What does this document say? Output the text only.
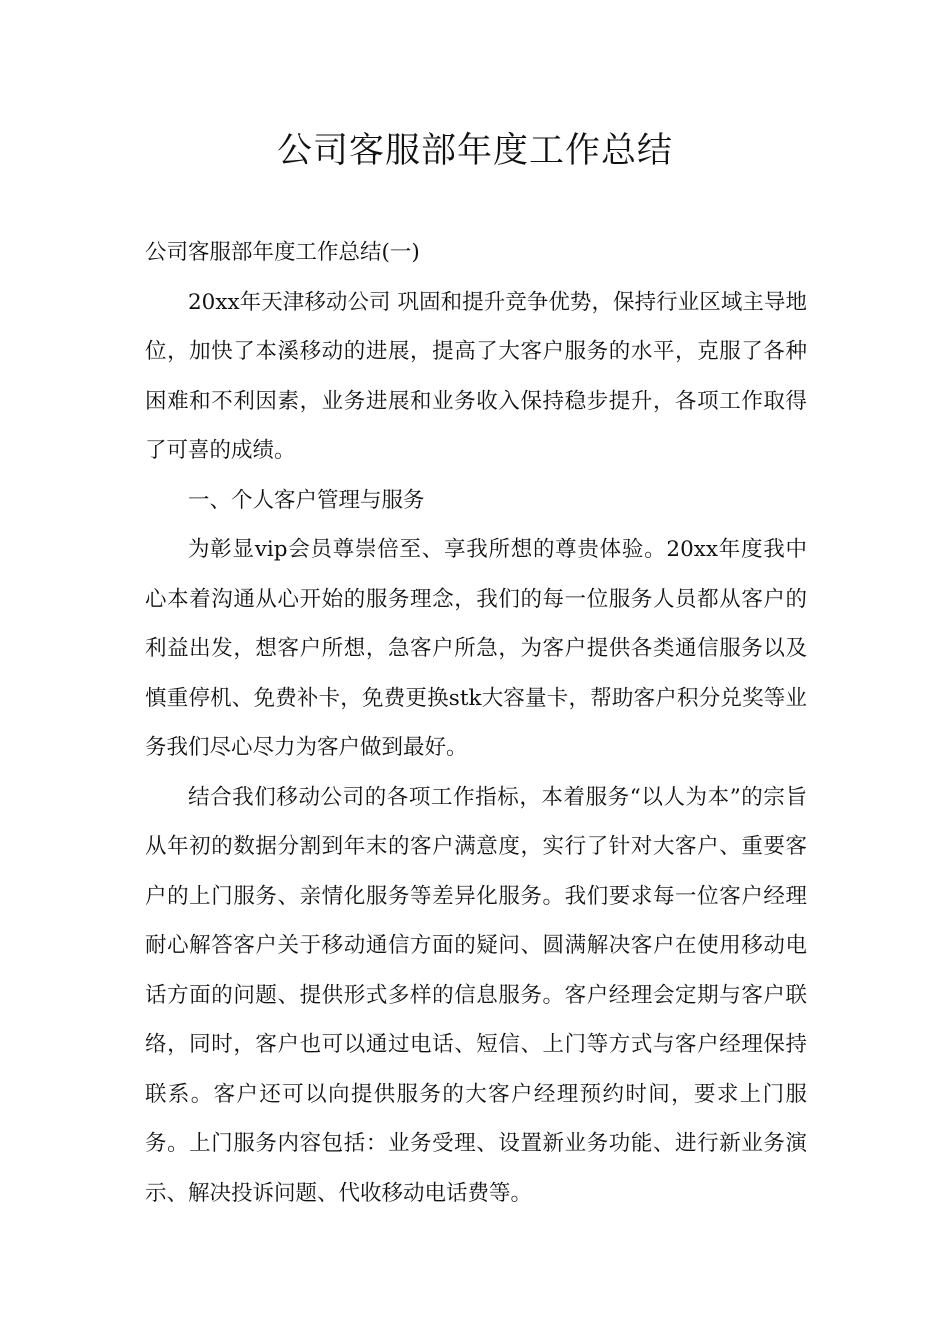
公司客服部年度工作总结

公司客服部年度工作总结(一)

20xx年天津移动公司 巩固和提升竞争优势，保持行业区域主导地位，加快了本溪移动的进展，提高了大客户服务的水平，克服了各种困难和不利因素，业务进展和业务收入保持稳步提升，各项工作取得了可喜的成绩。

一、个人客户管理与服务

为彰显vip会员尊崇倍至、享我所想的尊贵体验。20xx年度我中心本着沟通从心开始的服务理念，我们的每一位服务人员都从客户的利益出发，想客户所想，急客户所急，为客户提供各类通信服务以及慎重停机、免费补卡，免费更换stk大容量卡，帮助客户积分兑奖等业务我们尽心尽力为客户做到最好。

结合我们移动公司的各项工作指标，本着服务“以人为本”的宗旨从年初的数据分割到年末的客户满意度，实行了针对大客户、重要客户的上门服务、亲情化服务等差异化服务。我们要求每一位客户经理耐心解答客户关于移动通信方面的疑问、圆满解决客户在使用移动电话方面的问题、提供形式多样的信息服务。客户经理会定期与客户联络，同时，客户也可以通过电话、短信、上门等方式与客户经理保持联系。客户还可以向提供服务的大客户经理预约时间，要求上门服务。上门服务内容包括：业务受理、设置新业务功能、进行新业务演示、解决投诉问题、代收移动电话费等。
